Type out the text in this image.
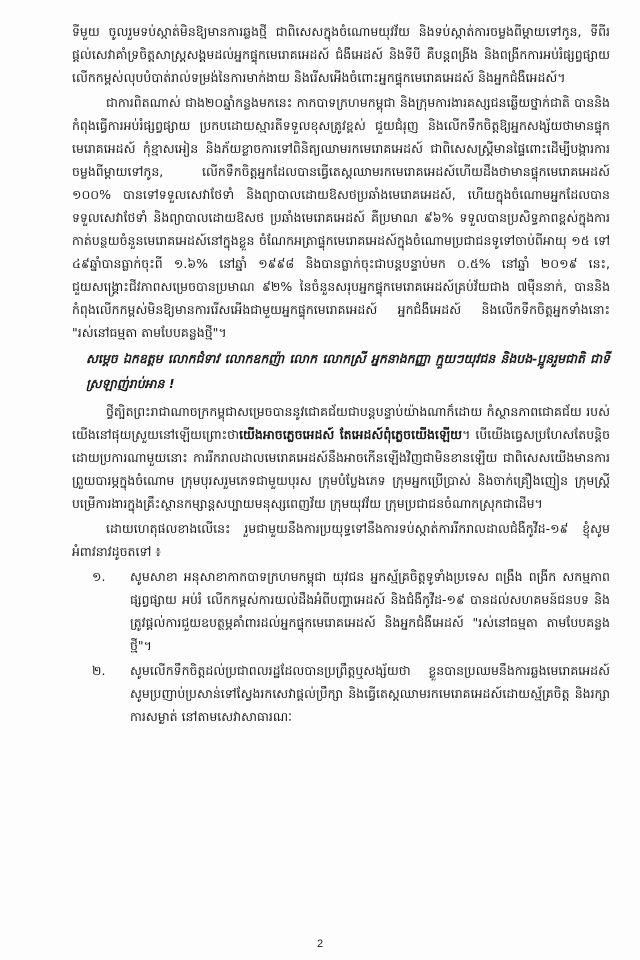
ទីមួយ ចូលរួមទប់ស្កាត់មិនឱ្យមានការឆ្លងថ្មី ជាពិសេសក្នុងចំណោមយុវវ័យ និងទប់ស្កាត់ការចម្លងពីម្តាយទៅកូន, ទីពីរ ផ្តល់សេវាគាំទ្រចិត្តសាស្ត្រសង្គមដល់អ្នកផ្ទុកមេរោគអេដស៍ ជំងឺអេដស៍ និងទីបី គឺបន្តពង្រីង និងពង្រីកការអប់រំផ្សព្វផ្សាយលើកកម្ពស់លុបបំបាត់រាល់ទម្រង់នៃការមាក់ងាយ និងរើសអើងចំពោះអ្នកផ្ទុកមេរោគអេដស៍ និងអ្នកជំងឺអេដស៍។

ជាការពិតណាស់ ជាង២០ឆ្នាំកន្លងមកនេះ កាកបាទក្រហមកម្ពុជា និងក្រុមការងារគស្សជនឆ្លើយថ្នាក់ជាតិ បាននិងកំពុងធ្វើការអប់រំផ្សព្វផ្សាយ ប្រកបដោយស្មារតីទទួលខុសត្រូវខ្ពស់ ជួយជំរុញ និងលើកទឹកចិត្តឱ្យអ្នកសង្ស័យថាមានផ្ទុកមេរោគអេដស៍ កុំខ្មាសអៀន និងភ័យខ្លាចការទៅពិនិត្យឈាមរកមេរោគអេដស៍ ជាពិសេសស្ត្រីមានផ្ទៃពោះដើម្បីបង្ការការចម្លងពីម្តាយទៅកូន, លើកទឹកចិត្តអ្នកដែលបានធ្វើតេស្តឈាមរកមេរោគអេដស៍ហើយដឹងថាមានផ្ទុកមេរោគអេដស៍ ១០០% បានទៅទទួលសេវាថែទាំ និងព្យាបាលដោយឱសថប្រឆាំងមេរោគអេដស៍, ហើយក្នុងចំណោមអ្នកដែលបានទទួលសេវាថែទាំ និងព្យាបាលដោយឱសថ ប្រឆាំងមេរោគអេដស៍ គឺប្រមាណ ៩៦% ទទួលបានប្រសិទ្ធភាពខ្ពស់ក្នុងការកាត់បន្ថយចំនួនមេរោគអេដស៍នៅក្នុងខ្លួន ចំណែកអត្រាផ្ទុកមេរោគអេដស៍ក្នុងចំណោមប្រជាជនទូទៅចាប់ពីអាយុ ១៥ ទៅ ៤៩ឆ្នាំបានធ្លាក់ចុះពី ១.៦% នៅឆ្នាំ ១៩៩៨ និងបានធ្លាក់ចុះជាបន្តបន្ទាប់មក ០.៥% នៅឆ្នាំ ២០១៩ នេះ, ជួយសង្គ្រោះជីវភាពសម្រេចបានប្រមាណ ៩២% នៃចំនួនសរុបអ្នកផ្ទុកមេរោគអេដស៍គ្រប់វ័យជាង ៧ម៉ឺននាក់, បាននិងកំពុងលើកកម្ពស់មិនឱ្យមានការរើសអើងជាមួយអ្នកផ្ទុកមេរោគអេដស៍ អ្នកជំងឺអេដស៍ និងលើកទឹកចិត្តអ្នកទាំងនោះ "រស់នៅធម្មតា តាមបែបគន្លងថ្មី"។

សម្តេច ឯកឧត្តម លោកជំទាវ លោកឧកញ៉ា លោក លោកស្រី អ្នកនាងកញ្ញា ក្មួយៗយុវជន និងបង-ប្អូនរួមជាតិ ជាទីស្រឡាញ់រាប់អាន !

ថ្វីត្បិតព្រះរាជាណាចក្រកម្ពុជាសម្រេចបាននូវជោគជ័យជាបន្តបន្ទាប់យ៉ាងណាក៏ដោយ កំស្ថានភាពជោគជ័យ របស់យើងនៅផុយស្រួយនៅឡើយព្រោះថាយើងអាចភ្លេចអេដស៍ តែអេដស៍ពុំភ្លេចយើងឡើយ។ បើយើងធ្វេសប្រហែសតែបន្តិចដោយប្រការណាមួយនោះ ការរីករាលដាលមេរោគអេដស៍នឹងអាចកើនឡើងវិញជាមិនខានឡើយ ជាពិសេសយើងមានការព្រួយបារម្ភក្នុងចំណោម ក្រុមបុរសរួមភេទជាមួយបុរស ក្រុមបំប្លែងភេទ ក្រុមអ្នកប្រើប្រាស់ និងចាក់គ្រឿងញៀន ក្រុមស្ត្រីបម្រើការងារក្នុងគ្រឹះស្ថានកម្សាន្តសប្បាយមនុស្សពេញវ័យ ក្រុមយុវវ័យ ក្រុមប្រជាជនចំណាកស្រុកជាដើម។

ដោយហេតុផលខាងលើនេះ រួមជាមួយនឹងការប្រយុទ្ធទៅនឹងការទប់ស្កាត់ការរីករាលដាលជំងឺកូវីដ-១៩ ខ្ញុំសូមអំពាវនាវដូចតទៅ ៖

១.	សូមសាខា អនុសាខាកាកបាទក្រហមកម្ពុជា យុវជន អ្នកស្ម័គ្រចិត្តទូទាំងប្រទេស ពង្រឹង ពង្រីក សកម្មភាពផ្សព្វផ្សាយ អប់រំ លើកកម្ពស់ការយល់ដឹងអំពីបញ្ហាអេដស៍ និងជំងឺកូវីដ-១៩ បានដល់សហគមន៍ជនបទ និងត្រូវផ្តល់ការជួយឧបត្ថម្ភគាំពារដល់អ្នកផ្ទុកមេរោគអេដស៍ និងអ្នកជំងឺអេដស៍ "រស់នៅធម្មតា តាមបែបគន្លងថ្មី"។
២.	សូមលើកទឹកចិត្តដល់ប្រជាពលរដ្ឋដែលបានប្រព្រឹត្តឬសង្ស័យថា ខ្លួនបានប្រឈមនឹងការឆ្លងមេរោគអេដស៍ សូមប្រញាប់ប្រសាន់ទៅស្វែងរកសេវាផ្តល់ប្រឹក្សា និងធ្វើតេស្តឈាមរកមេរោគអេដស៍ដោយស្ម័គ្រចិត្ត និងរក្សាការសម្ងាត់ នៅតាមសេវាសាធារណៈ
2
